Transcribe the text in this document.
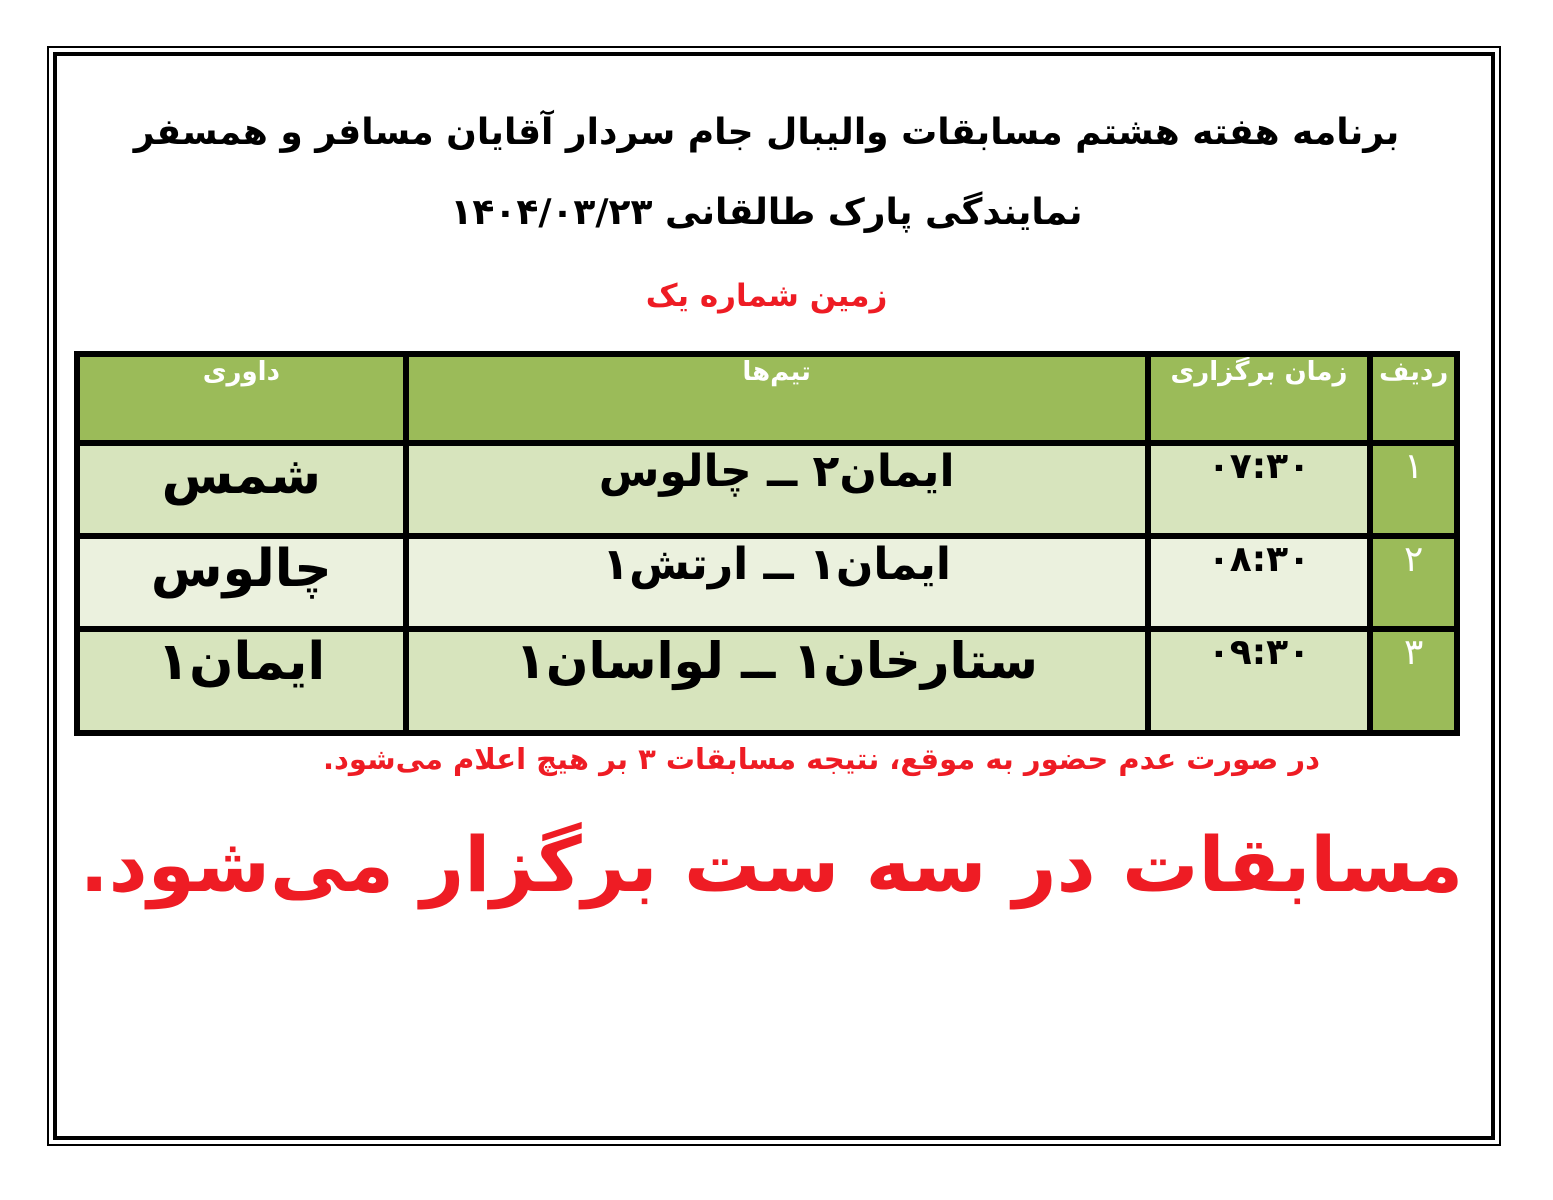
برنامه هفته هشتم مسابقات والیبال جام سردار آقایان مسافر و همسفر
نمایندگی پارک طالقانی ۱۴۰۴/۰۳/۲۳
زمین شماره یک
ردیف	زمان برگزاری	تیم‌ها	داوری
۱	۰۷:۳۰	ایمان۲ ــ چالوس	شمس
۲	۰۸:۳۰	ایمان۱ ــ ارتش۱	چالوس
۳	۰۹:۳۰	ستارخان۱ ــ لواسان۱	ایمان۱
در صورت عدم حضور به موقع، نتیجه مسابقات ۳ بر هیچ اعلام می‌شود.
مسابقات در سه ست برگزار می‌شود.
